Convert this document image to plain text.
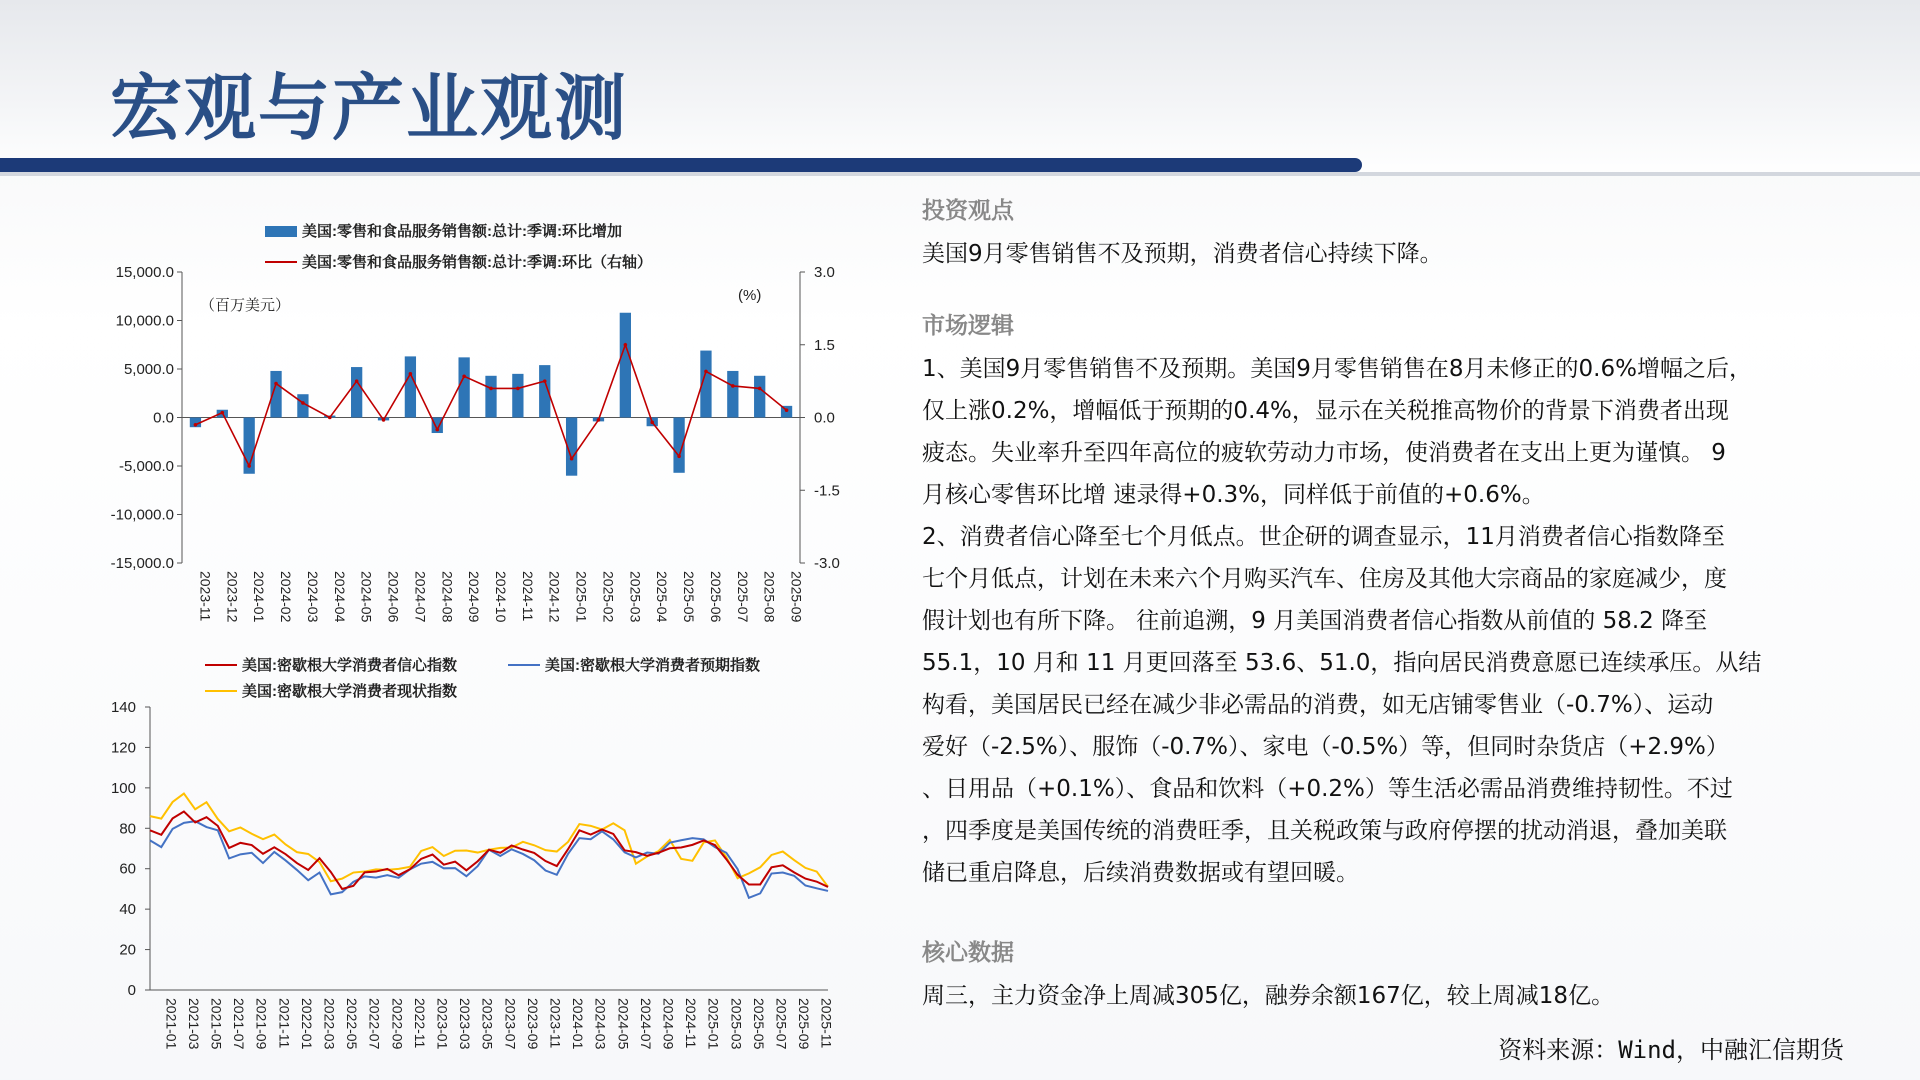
宏观与产业观测
美国:零售和食品服务销售额:总计:季调:环比增加
美国:零售和食品服务销售额:总计:季调:环比（右轴）
（百万美元）
(%)
15,000.0
10,000.0
5,000.0
0.0
-5,000.0
-10,000.0
-15,000.0
3.0
1.5
0.0
-1.5
-3.0
2023-11 2023-12 2024-01 2024-02 2024-03 2024-04 2024-05 2024-06 2024-07 2024-08 2024-09 2024-10 2024-11 2024-12 2025-01 2025-02 2025-03 2025-04 2025-05 2025-06 2025-07 2025-08 2025-09
美国:密歇根大学消费者信心指数	美国:密歇根大学消费者预期指数
美国:密歇根大学消费者现状指数
140
120
100
80
60
40
20
0
2021-01 2021-03 2021-05 2021-07 2021-09 2021-11 2022-01 2022-03 2022-05 2022-07 2022-09 2022-11 2023-01 2023-03 2023-05 2023-07 2023-09 2023-11 2024-01 2024-03 2024-05 2024-07 2024-09 2024-11 2025-01 2025-03 2025-05 2025-07 2025-09 2025-11
投资观点
美国9月零售销售不及预期，消费者信心持续下降。
市场逻辑
1、美国9月零售销售不及预期。美国9月零售销售在8月未修正的0.6%增幅之后，
仅上涨0.2%，增幅低于预期的0.4%，显示在关税推高物价的背景下消费者出现
疲态。失业率升至四年高位的疲软劳动力市场，使消费者在支出上更为谨慎。 9
月核心零售环比增 速录得+0.3%，同样低于前值的+0.6%。
2、消费者信心降至七个月低点。世企研的调查显示，11月消费者信心指数降至
七个月低点，计划在未来六个月购买汽车、住房及其他大宗商品的家庭减少，度
假计划也有所下降。 往前追溯，9 月美国消费者信心指数从前值的 58.2 降至
55.1，10 月和 11 月更回落至 53.6、51.0，指向居民消费意愿已连续承压。从结
构看，美国居民已经在减少非必需品的消费，如无店铺零售业（-0.7%）、运动
爱好（-2.5%）、服饰（-0.7%）、家电（-0.5%）等，但同时杂货店（+2.9%）
、日用品（+0.1%）、食品和饮料（+0.2%）等生活必需品消费维持韧性。不过
，四季度是美国传统的消费旺季，且关税政策与政府停摆的扰动消退，叠加美联
储已重启降息，后续消费数据或有望回暖。
核心数据
周三，主力资金净上周减305亿，融券余额167亿，较上周减18亿。
资料来源：Wind，中融汇信期货
